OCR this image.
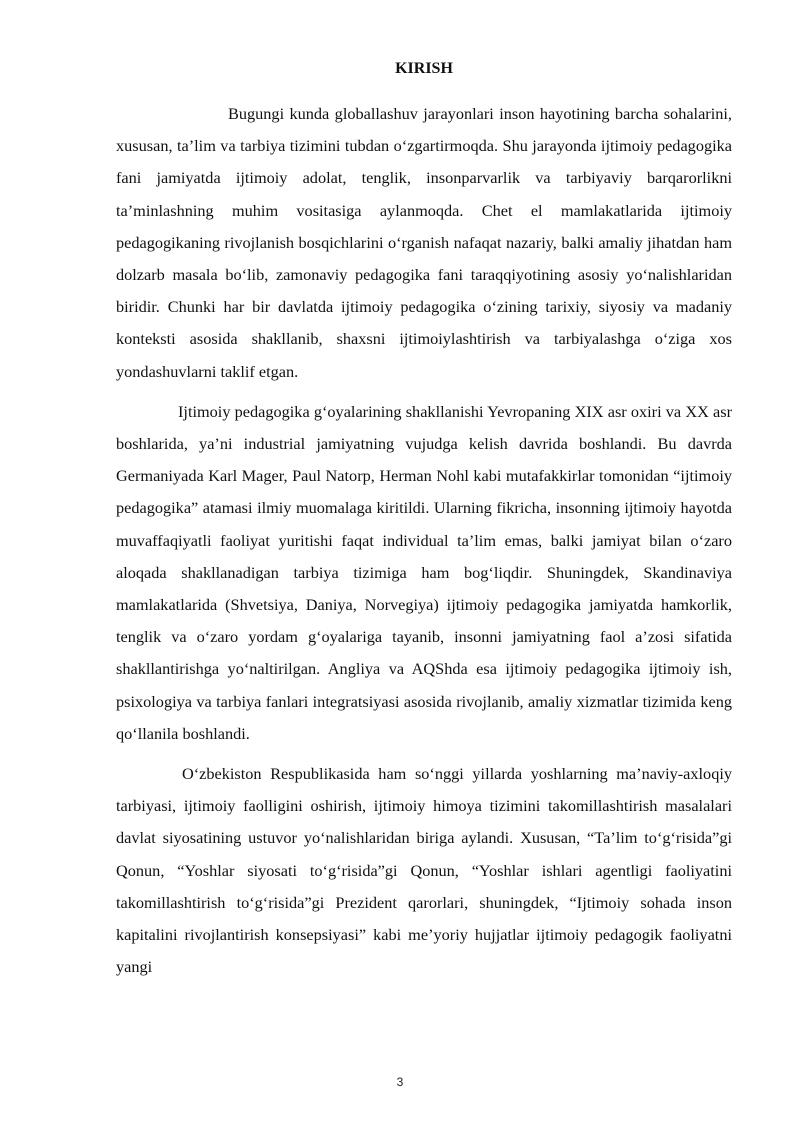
KIRISH

Bugungi kunda globallashuv jarayonlari inson hayotining barcha sohalarini, xususan, ta’lim va tarbiya tizimini tubdan o‘zgartirmoqda. Shu jarayonda ijtimoiy pedagogika fani jamiyatda ijtimoiy adolat, tenglik, insonparvarlik va tarbiyaviy barqarorlikni ta’minlashning muhim vositasiga aylanmoqda. Chet el mamlakatlarida ijtimoiy pedagogikaning rivojlanish bosqichlarini o‘rganish nafaqat nazariy, balki amaliy jihatdan ham dolzarb masala bo‘lib, zamonaviy pedagogika fani taraqqiyotining asosiy yo‘nalishlaridan biridir. Chunki har bir davlatda ijtimoiy pedagogika o‘zining tarixiy, siyosiy va madaniy konteksti asosida shakllanib, shaxsni ijtimoiylashtirish va tarbiyalashga o‘ziga xos yondashuvlarni taklif etgan.

Ijtimoiy pedagogika g‘oyalarining shakllanishi Yevropaning XIX asr oxiri va XX asr boshlarida, ya’ni industrial jamiyatning vujudga kelish davrida boshlandi. Bu davrda Germaniyada Karl Mager, Paul Natorp, Herman Nohl kabi mutafakkirlar tomonidan “ijtimoiy pedagogika” atamasi ilmiy muomalaga kiritildi. Ularning fikricha, insonning ijtimoiy hayotda muvaffaqiyatli faoliyat yuritishi faqat individual ta’lim emas, balki jamiyat bilan o‘zaro aloqada shakllanadigan tarbiya tizimiga ham bog‘liqdir. Shuningdek, Skandinaviya mamlakatlarida (Shvetsiya, Daniya, Norvegiya) ijtimoiy pedagogika jamiyatda hamkorlik, tenglik va o‘zaro yordam g‘oyalariga tayanib, insonni jamiyatning faol a’zosi sifatida shakllantirishga yo‘naltirilgan. Angliya va AQShda esa ijtimoiy pedagogika ijtimoiy ish, psixologiya va tarbiya fanlari integratsiyasi asosida rivojlanib, amaliy xizmatlar tizimida keng qo‘llanila boshlandi.

O‘zbekiston Respublikasida ham so‘nggi yillarda yoshlarning ma’naviy-axloqiy tarbiyasi, ijtimoiy faolligini oshirish, ijtimoiy himoya tizimini takomillashtirish masalalari davlat siyosatining ustuvor yo‘nalishlaridan biriga aylandi. Xususan, “Ta’lim to‘g‘risida”gi Qonun, “Yoshlar siyosati to‘g‘risida”gi Qonun, “Yoshlar ishlari agentligi faoliyatini takomillashtirish to‘g‘risida”gi Prezident qarorlari, shuningdek, “Ijtimoiy sohada inson kapitalini rivojlantirish konsepsiyasi” kabi me’yoriy hujjatlar ijtimoiy pedagogik faoliyatni yangi

3
